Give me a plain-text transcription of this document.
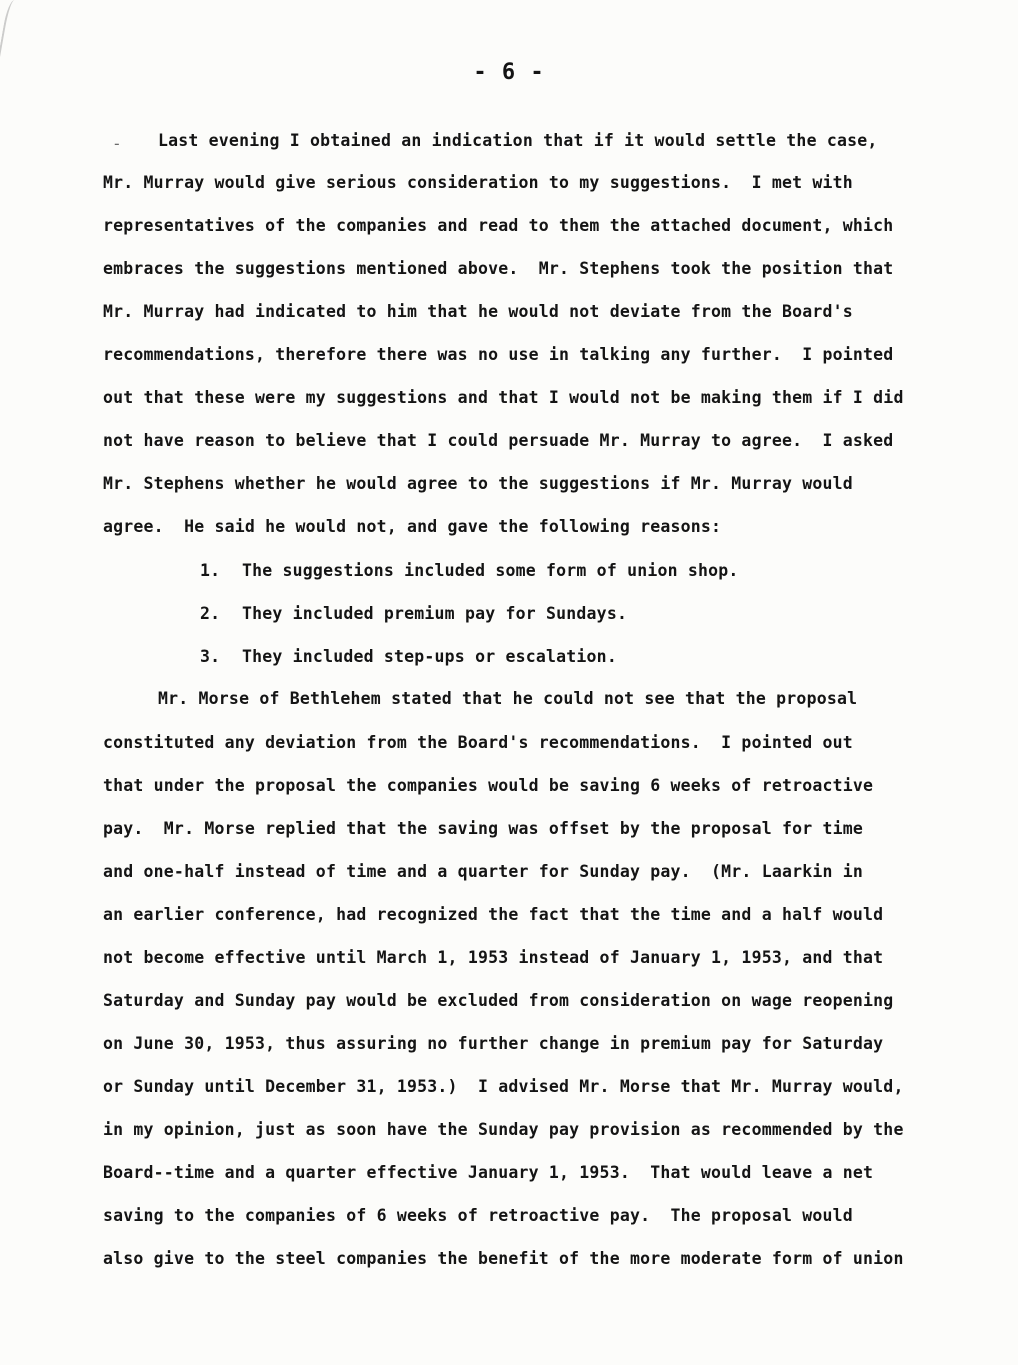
- 6 -
- Last evening I obtained an indication that if it would settle the case,
Mr. Murray would give serious consideration to my suggestions.  I met with
representatives of the companies and read to them the attached document, which
embraces the suggestions mentioned above.  Mr. Stephens took the position that
Mr. Murray had indicated to him that he would not deviate from the Board's
recommendations, therefore there was no use in talking any further.  I pointed
out that these were my suggestions and that I would not be making them if I did
not have reason to believe that I could persuade Mr. Murray to agree.  I asked
Mr. Stephens whether he would agree to the suggestions if Mr. Murray would
agree.  He said he would not, and gave the following reasons:
1. The suggestions included some form of union shop.
2. They included premium pay for Sundays.
3. They included step-ups or escalation.
Mr. Morse of Bethlehem stated that he could not see that the proposal
constituted any deviation from the Board's recommendations.  I pointed out
that under the proposal the companies would be saving 6 weeks of retroactive
pay.  Mr. Morse replied that the saving was offset by the proposal for time
and one-half instead of time and a quarter for Sunday pay.  (Mr. Laarkin in
an earlier conference, had recognized the fact that the time and a half would
not become effective until March 1, 1953 instead of January 1, 1953, and that
Saturday and Sunday pay would be excluded from consideration on wage reopening
on June 30, 1953, thus assuring no further change in premium pay for Saturday
or Sunday until December 31, 1953.)  I advised Mr. Morse that Mr. Murray would,
in my opinion, just as soon have the Sunday pay provision as recommended by the
Board--time and a quarter effective January 1, 1953.  That would leave a net
saving to the companies of 6 weeks of retroactive pay.  The proposal would
also give to the steel companies the benefit of the more moderate form of union
